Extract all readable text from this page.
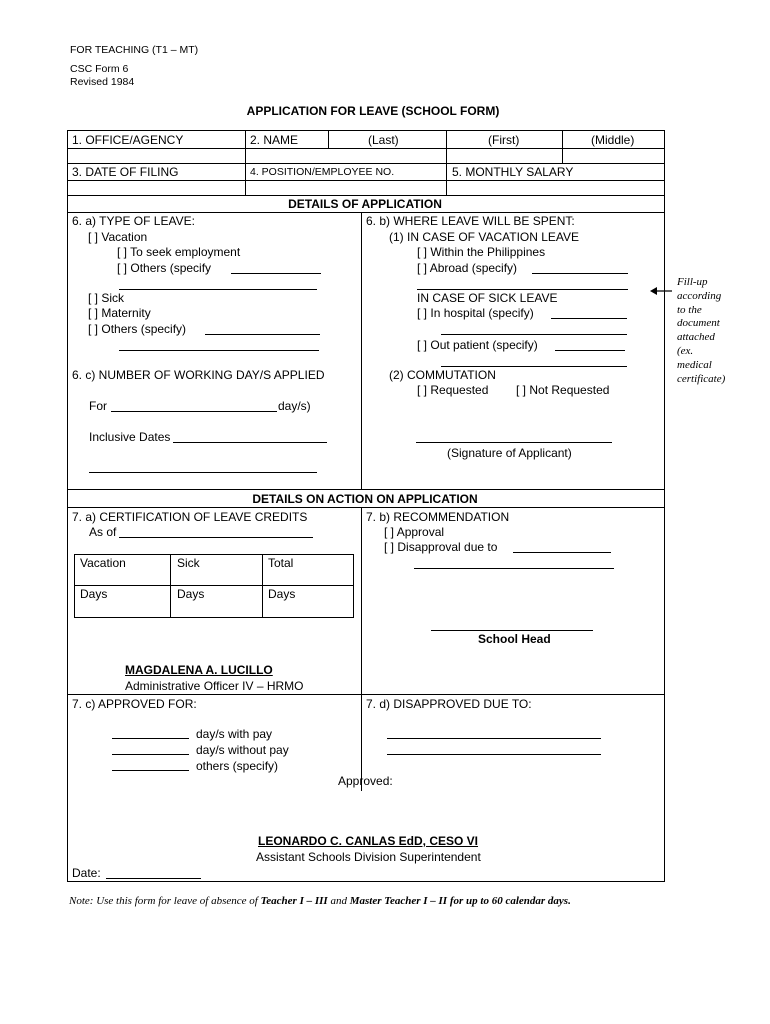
FOR TEACHING (T1 – MT)
CSC Form 6
Revised 1984
APPLICATION FOR LEAVE (SCHOOL FORM)
1. OFFICE/AGENCY	2. NAME	(Last)	(First)	(Middle)
3. DATE OF FILING	4. POSITION/EMPLOYEE NO.	5. MONTHLY SALARY
DETAILS OF APPLICATION
6. a) TYPE OF LEAVE:
[ ] Vacation
[ ] To seek employment
[ ] Others (specify
[ ] Sick
[ ] Maternity
[ ] Others (specify)
6. c) NUMBER OF WORKING DAY/S APPLIED
For	day/s)
Inclusive Dates
6. b) WHERE LEAVE WILL BE SPENT:
(1) IN CASE OF VACATION LEAVE
[ ] Within the Philippines
[ ] Abroad (specify)
IN CASE OF SICK LEAVE
[ ] In hospital (specify)
[ ] Out patient (specify)
(2) COMMUTATION
[ ] Requested [ ] Not Requested
(Signature of Applicant)
DETAILS ON ACTION ON APPLICATION
7. a) CERTIFICATION OF LEAVE CREDITS
As of
Vacation	Sick	Total
Days	Days	Days
MAGDALENA A. LUCILLO
Administrative Officer IV – HRMO
7. b) RECOMMENDATION
[ ] Approval
[ ] Disapproval due to
School Head
7. c) APPROVED FOR:
day/s with pay
day/s without pay
others (specify)
7. d) DISAPPROVED DUE TO:
Approved:
LEONARDO C. CANLAS EdD, CESO VI
Assistant Schools Division Superintendent
Date:
Fill-up
according
to the
document
attached
(ex.
medical
certificate)
Note: Use this form for leave of absence of Teacher I – III and Master Teacher I – II for up to 60 calendar days.
